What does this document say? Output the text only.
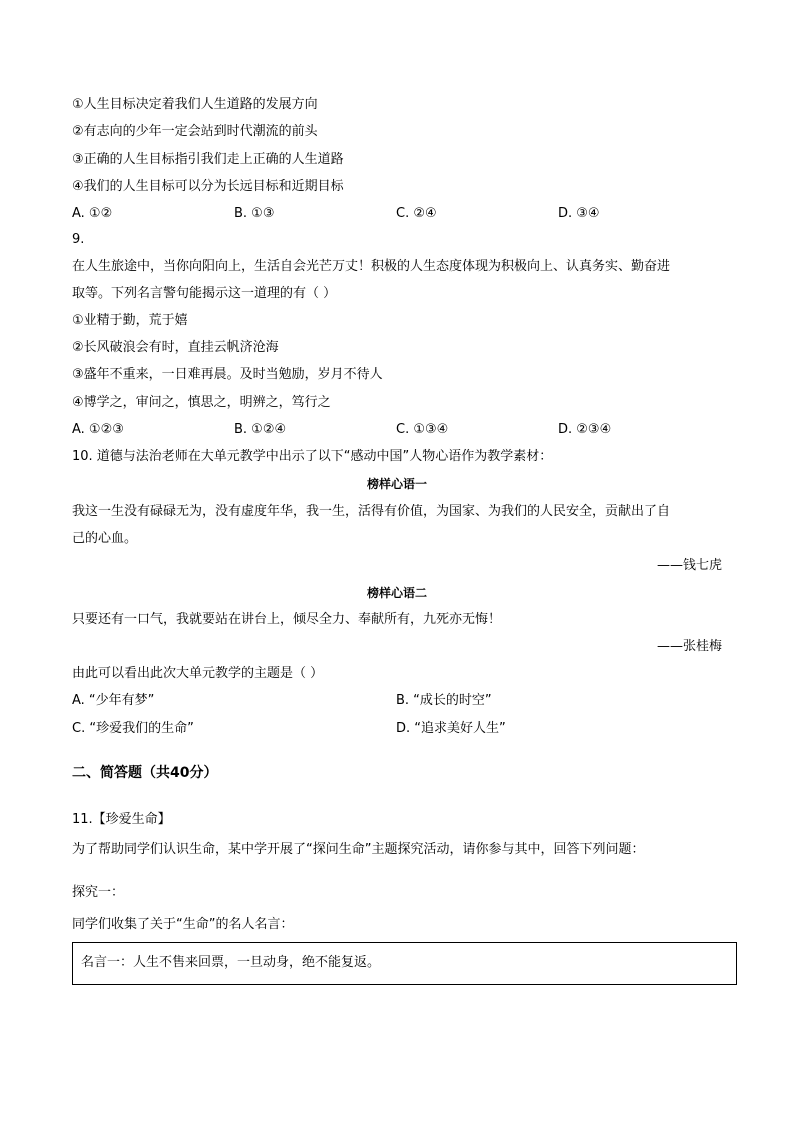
①人生目标决定着我们人生道路的发展方向
②有志向的少年一定会站到时代潮流的前头
③正确的人生目标指引我们走上正确的人生道路
④我们的人生目标可以分为长远目标和近期目标
A. ①②	B. ①③	C. ②④	D. ③④
9.
在人生旅途中，当你向阳向上，生活自会光芒万丈！积极的人生态度体现为积极向上、认真务实、勤奋进
取等。下列名言警句能揭示这一道理的有（ ）
①业精于勤，荒于嬉
②长风破浪会有时，直挂云帆济沧海
③盛年不重来，一日难再晨。及时当勉励，岁月不待人
④博学之，审问之，慎思之，明辨之，笃行之
A. ①②③	B. ①②④	C. ①③④	D. ②③④
10. 道德与法治老师在大单元教学中出示了以下“感动中国”人物心语作为教学素材：
榜样心语一
我这一生没有碌碌无为，没有虚度年华，我一生，活得有价值，为国家、为我们的人民安全，贡献出了自
己的心血。
——钱七虎
榜样心语二
只要还有一口气，我就要站在讲台上，倾尽全力、奉献所有，九死亦无悔！
——张桂梅
由此可以看出此次大单元教学的主题是（ ）
A. “少年有梦”	B. “成长的时空”
C. “珍爱我们的生命”	D. “追求美好人生”
二、简答题（共40分）
11.【珍爱生命】
为了帮助同学们认识生命，某中学开展了“探问生命”主题探究活动，请你参与其中，回答下列问题：
探究一：
同学们收集了关于“生命”的名人名言：
名言一：人生不售来回票，一旦动身，绝不能复返。
